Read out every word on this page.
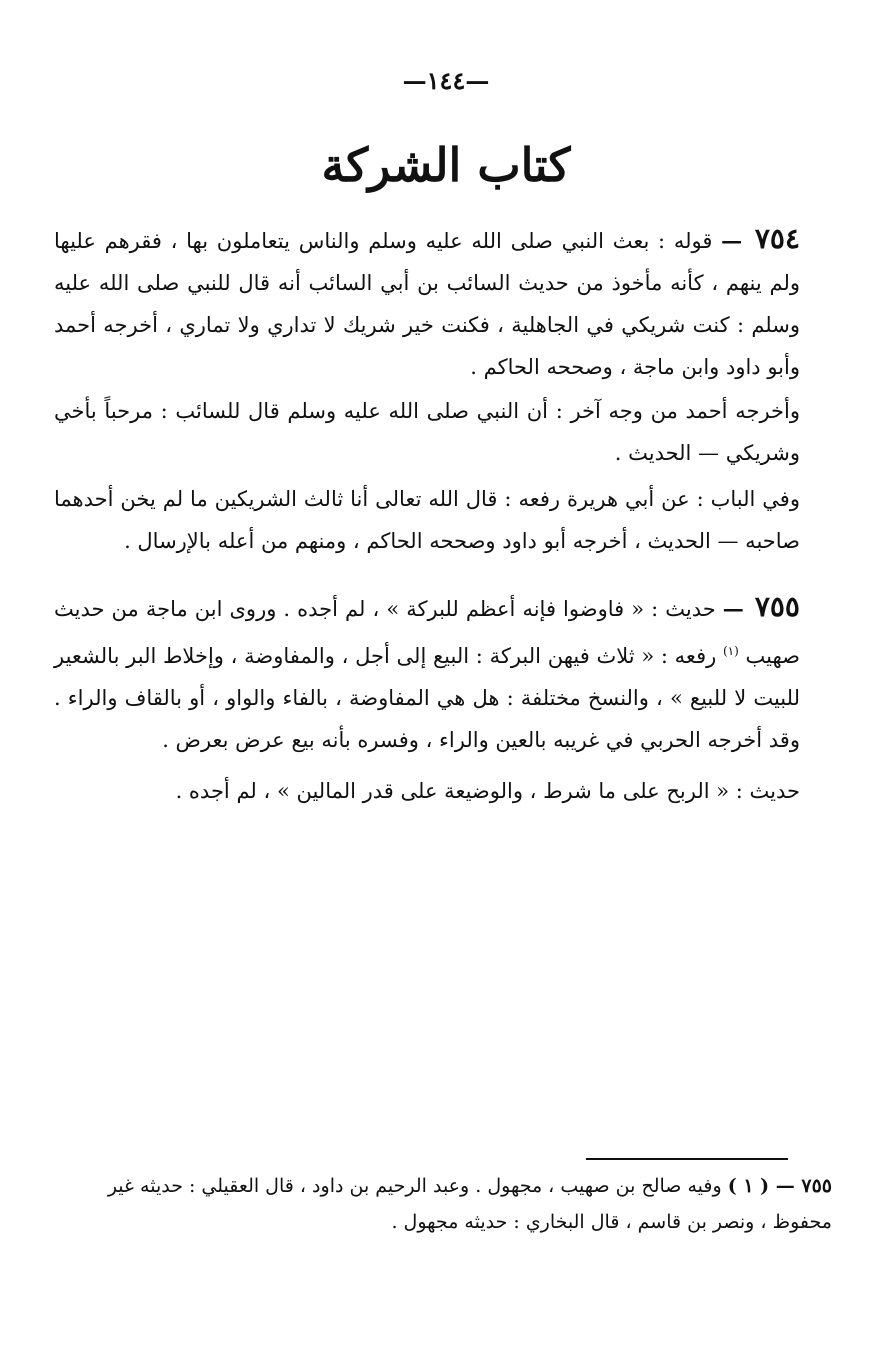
—١٤٤—
كتاب الشركة
٧٥٤ — قوله : بعث النبي صلى الله عليه وسلم والناس يتعاملون بها ، فقرهم عليها ولم ينهم ، كأنه مأخوذ من حديث السائب بن أبي السائب أنه قال للنبي صلى الله عليه وسلم : كنت شريكي في الجاهلية ، فكنت خير شريك لا تداري ولا تماري ، أخرجه أحمد وأبو داود وابن ماجة ، وصححه الحاكم .
وأخرجه أحمد من وجه آخر : أن النبي صلى الله عليه وسلم قال للسائب : مرحباً بأخي وشريكي — الحديث .
وفي الباب : عن أبي هريرة رفعه : قال الله تعالى أنا ثالث الشريكين ما لم يخن أحدهما صاحبه — الحديث ، أخرجه أبو داود وصححه الحاكم ، ومنهم من أعله بالإرسال .
٧٥٥ — حديث : « فاوضوا فإنه أعظم للبركة » ، لم أجده . وروى ابن ماجة من حديث صهيب $^{(١)}$ رفعه : « ثلاث فيهن البركة : البيع إلى أجل ، والمفاوضة ، وإخلاط البر بالشعير للبيت لا للبيع » ، والنسخ مختلفة : هل هي المفاوضة ، بالفاء والواو ، أو بالقاف والراء . وقد أخرجه الحربي في غريبه بالعين والراء ، وفسره بأنه بيع عرض بعرض .
حديث : « الربح على ما شرط ، والوضيعة على قدر المالين » ، لم أجده .
٧٥٥ — ( ١ ) وفيه صالح بن صهيب ، مجهول . وعبد الرحيم بن داود ، قال العقيلي : حديثه غير محفوظ ، ونصر بن قاسم ، قال البخاري : حديثه مجهول .
